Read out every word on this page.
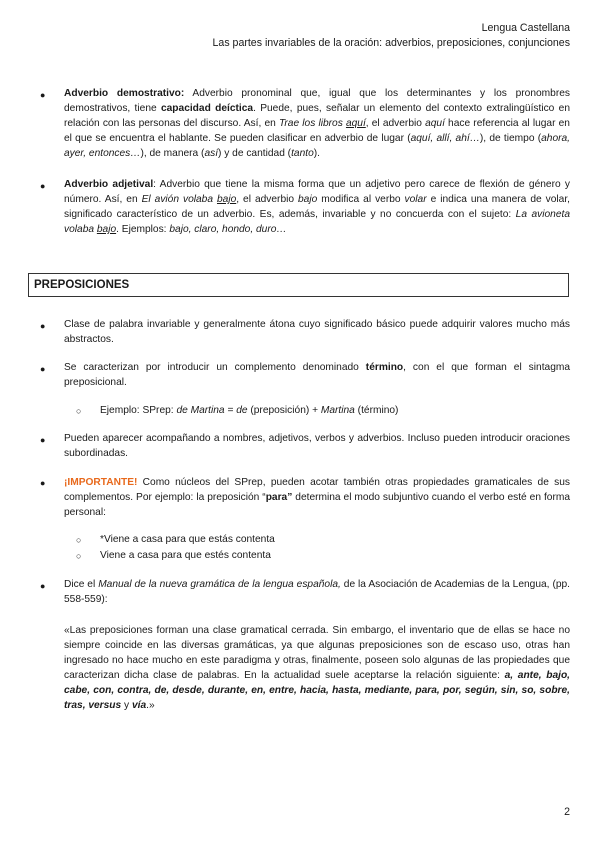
Lengua Castellana
Las partes invariables de la oración: adverbios, preposiciones, conjunciones
● Adverbio demostrativo: Adverbio pronominal que, igual que los determinantes y los pronombres demostrativos, tiene capacidad deíctica. Puede, pues, señalar un elemento del contexto extralingüístico en relación con las personas del discurso. Así, en Trae los libros aquí, el adverbio aquí hace referencia al lugar en el que se encuentra el hablante. Se pueden clasificar en adverbio de lugar (aquí, allí, ahí…), de tiempo (ahora, ayer, entonces…), de manera (así) y de cantidad (tanto).
● Adverbio adjetival: Adverbio que tiene la misma forma que un adjetivo pero carece de flexión de género y número. Así, en El avión volaba bajo, el adverbio bajo modifica al verbo volar e indica una manera de volar, significado característico de un adverbio. Es, además, invariable y no concuerda con el sujeto: La avioneta volaba bajo. Ejemplos: bajo, claro, hondo, duro…
PREPOSICIONES
● Clase de palabra invariable y generalmente átona cuyo significado básico puede adquirir valores mucho más abstractos.
● Se caracterizan por introducir un complemento denominado término, con el que forman el sintagma preposicional.
○ Ejemplo: SPrep: de Martina = de (preposición) + Martina (término)
● Pueden aparecer acompañando a nombres, adjetivos, verbos y adverbios. Incluso pueden introducir oraciones subordinadas.
● ¡IMPORTANTE! Como núcleos del SPrep, pueden acotar también otras propiedades gramaticales de sus complementos. Por ejemplo: la preposición “para” determina el modo subjuntivo cuando el verbo esté en forma personal:
○ *Viene a casa para que estás contenta
○ Viene a casa para que estés contenta
● Dice el Manual de la nueva gramática de la lengua española, de la Asociación de Academias de la Lengua, (pp. 558-559):
«Las preposiciones forman una clase gramatical cerrada. Sin embargo, el inventario que de ellas se hace no siempre coincide en las diversas gramáticas, ya que algunas preposiciones son de escaso uso, otras han ingresado no hace mucho en este paradigma y otras, finalmente, poseen solo algunas de las propiedades que caracterizan dicha clase de palabras. En la actualidad suele aceptarse la relación siguiente: a, ante, bajo, cabe, con, contra, de, desde, durante, en, entre, hacia, hasta, mediante, para, por, según, sin, so, sobre, tras, versus y vía.»
2
